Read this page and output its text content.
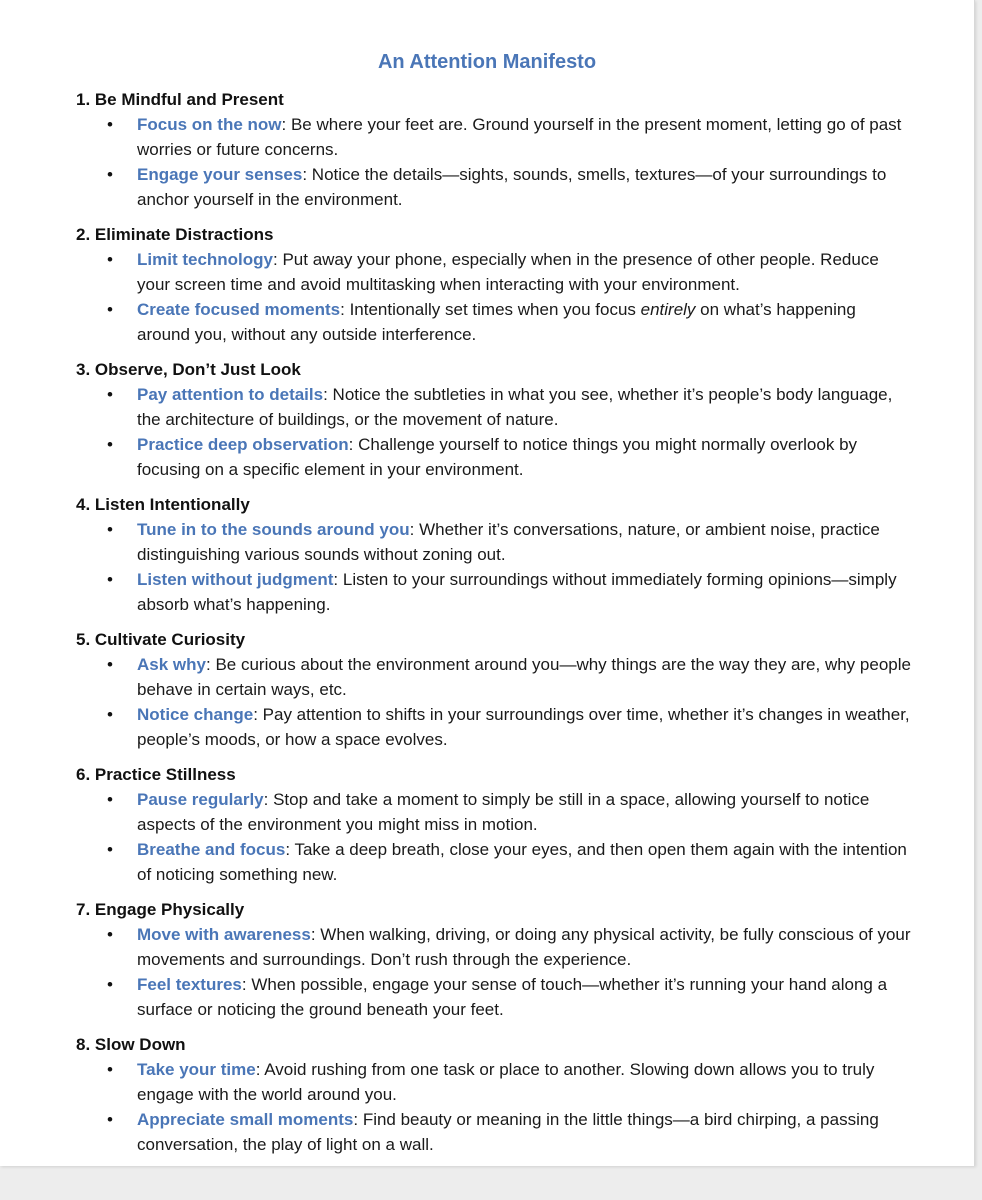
An Attention Manifesto
1. Be Mindful and Present
• Focus on the now: Be where your feet are. Ground yourself in the present moment, letting go of past worries or future concerns.
• Engage your senses: Notice the details—sights, sounds, smells, textures—of your surroundings to anchor yourself in the environment.
2. Eliminate Distractions
• Limit technology: Put away your phone, especially when in the presence of other people. Reduce your screen time and avoid multitasking when interacting with your environment.
• Create focused moments: Intentionally set times when you focus entirely on what’s happening around you, without any outside interference.
3. Observe, Don’t Just Look
• Pay attention to details: Notice the subtleties in what you see, whether it’s people’s body language, the architecture of buildings, or the movement of nature.
• Practice deep observation: Challenge yourself to notice things you might normally overlook by focusing on a specific element in your environment.
4. Listen Intentionally
• Tune in to the sounds around you: Whether it’s conversations, nature, or ambient noise, practice distinguishing various sounds without zoning out.
• Listen without judgment: Listen to your surroundings without immediately forming opinions—simply absorb what’s happening.
5. Cultivate Curiosity
• Ask why: Be curious about the environment around you—why things are the way they are, why people behave in certain ways, etc.
• Notice change: Pay attention to shifts in your surroundings over time, whether it’s changes in weather, people’s moods, or how a space evolves.
6. Practice Stillness
• Pause regularly: Stop and take a moment to simply be still in a space, allowing yourself to notice aspects of the environment you might miss in motion.
• Breathe and focus: Take a deep breath, close your eyes, and then open them again with the intention of noticing something new.
7. Engage Physically
• Move with awareness: When walking, driving, or doing any physical activity, be fully conscious of your movements and surroundings. Don’t rush through the experience.
• Feel textures: When possible, engage your sense of touch—whether it’s running your hand along a surface or noticing the ground beneath your feet.
8. Slow Down
• Take your time: Avoid rushing from one task or place to another. Slowing down allows you to truly engage with the world around you.
• Appreciate small moments: Find beauty or meaning in the little things—a bird chirping, a passing conversation, the play of light on a wall.
